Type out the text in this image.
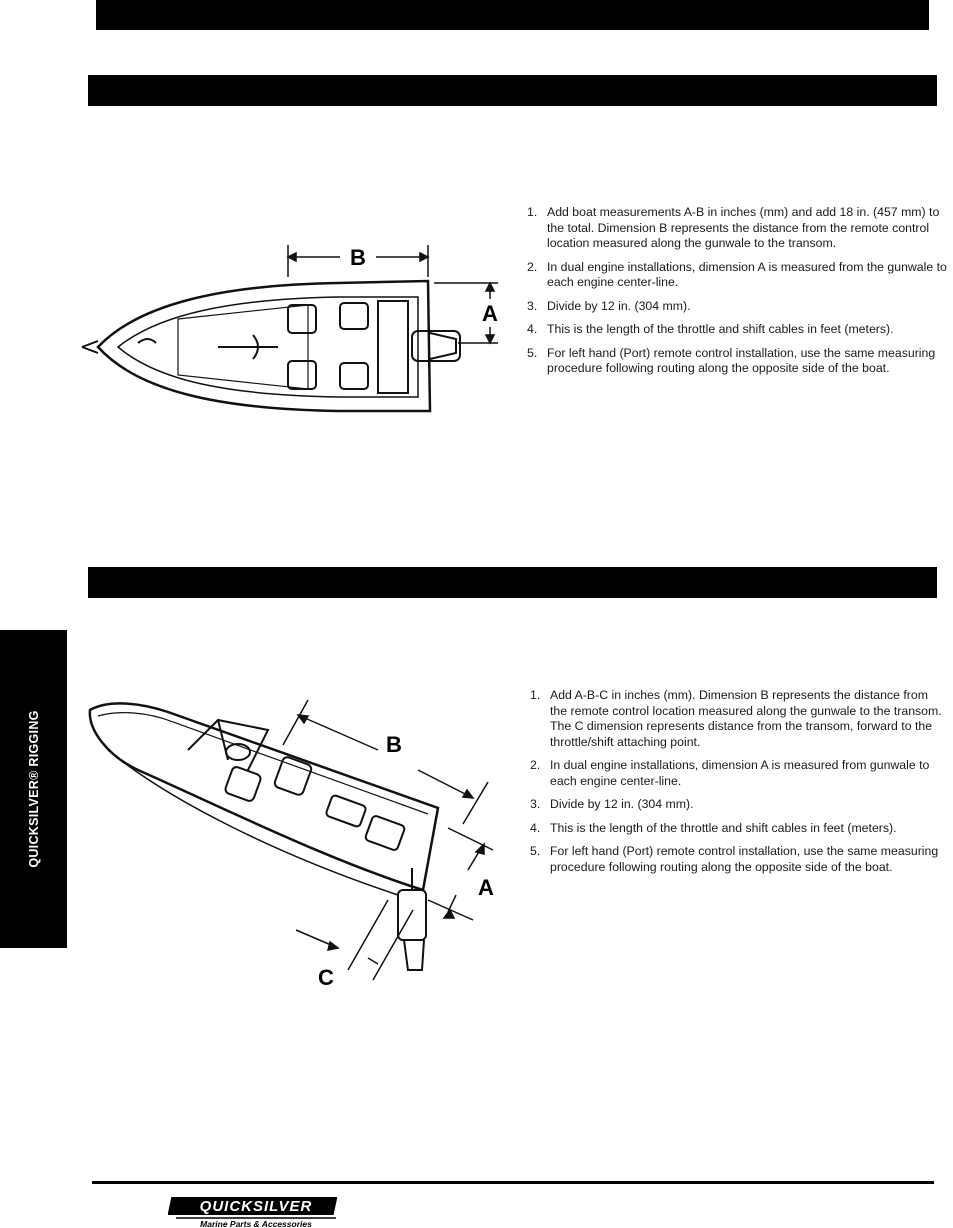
QUICKSILVER® RIGGING
B
A
1. Add boat measurements A-B in inches (mm) and add 18 in. (457 mm) to the total. Dimension B represents the distance from the remote control location measured along the gunwale to the transom.
2. In dual engine installations, dimension A is measured from the gunwale to each engine center-line.
3. Divide by 12 in. (304 mm).
4. This is the length of the throttle and shift cables in feet (meters).
5. For left hand (Port) remote control installation, use the same measuring procedure following routing along the opposite side of the boat.
B
A
C
1. Add A-B-C in inches (mm). Dimension B represents the distance from the remote control location measured along the gunwale to the transom. The C dimension represents distance from the transom, forward to the throttle/shift attaching point.
2. In dual engine installations, dimension A is measured from gunwale to each engine center-line.
3. Divide by 12 in. (304 mm).
4. This is the length of the throttle and shift cables in feet (meters).
5. For left hand (Port) remote control installation, use the same measuring procedure following routing along the opposite side of the boat.
QUICKSILVER
Marine Parts & Accessories
